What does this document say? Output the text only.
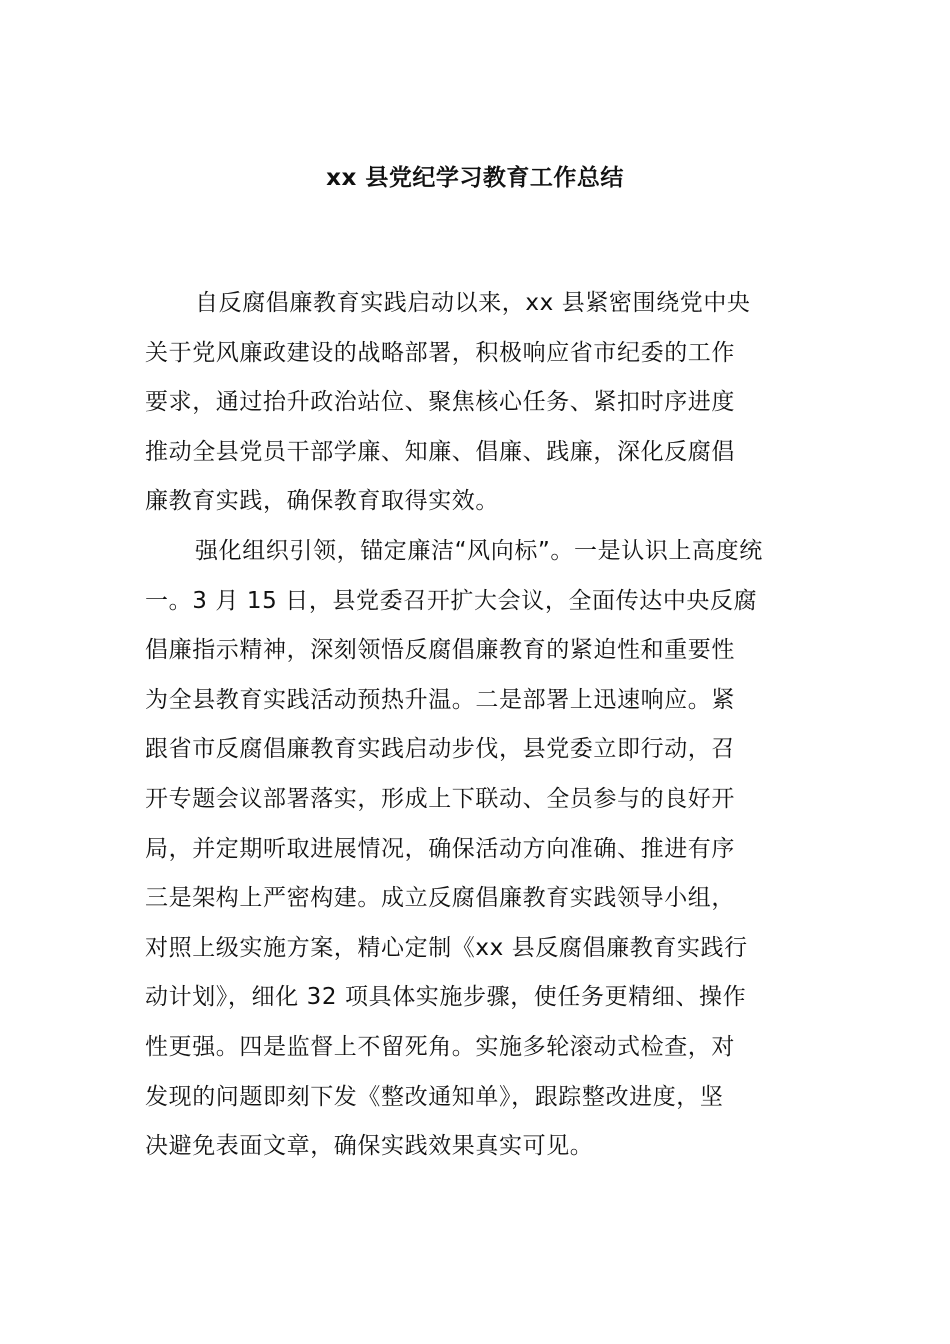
xx 县党纪学习教育工作总结
自反腐倡廉教育实践启动以来，xx 县紧密围绕党中央
关于党风廉政建设的战略部署，积极响应省市纪委的工作
要求，通过抬升政治站位、聚焦核心任务、紧扣时序进度
推动全县党员干部学廉、知廉、倡廉、践廉，深化反腐倡
廉教育实践，确保教育取得实效。
强化组织引领，锚定廉洁“风向标”。一是认识上高度统
一。3 月 15 日，县党委召开扩大会议，全面传达中央反腐
倡廉指示精神，深刻领悟反腐倡廉教育的紧迫性和重要性
为全县教育实践活动预热升温。二是部署上迅速响应。紧
跟省市反腐倡廉教育实践启动步伐，县党委立即行动，召
开专题会议部署落实，形成上下联动、全员参与的良好开
局，并定期听取进展情况，确保活动方向准确、推进有序
三是架构上严密构建。成立反腐倡廉教育实践领导小组，
对照上级实施方案，精心定制《xx 县反腐倡廉教育实践行
动计划》，细化 32 项具体实施步骤，使任务更精细、操作
性更强。四是监督上不留死角。实施多轮滚动式检查，对
发现的问题即刻下发《整改通知单》，跟踪整改进度，坚
决避免表面文章，确保实践效果真实可见。
